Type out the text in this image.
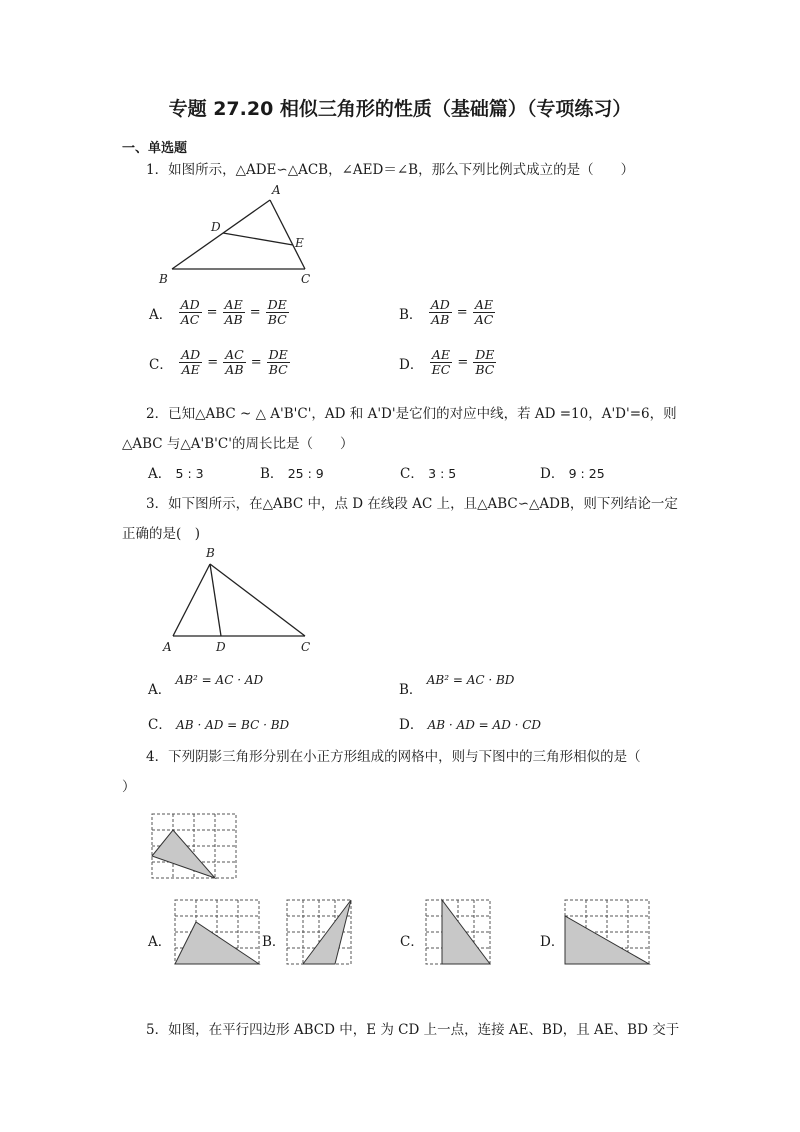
专题 27.20 相似三角形的性质（基础篇）（专项练习）
一、单选题
1．如图所示，△ADE∽△ACB，∠AED＝∠B，那么下列比例式成立的是（　　）
A
B	C
D
E
A． $\frac{AD}{AC} = \frac{AE}{AB} = \frac{DE}{BC}$	B． $\frac{AD}{AB} = \frac{AE}{AC}$
C． $\frac{AD}{AE} = \frac{AC}{AB} = \frac{DE}{BC}$	D． $\frac{AE}{EC} = \frac{DE}{BC}$
2．已知△ABC ~ △ A'B'C'，AD 和 A'D'是它们的对应中线，若 AD =10，A'D'=6，则
△ABC 与△A'B'C'的周长比是（　　）
A． 5 : 3	B． 25 : 9	C． 3 : 5	D． 9 : 25
3．如下图所示，在△ABC 中，点 D 在线段 AC 上，且△ABC∽△ADB，则下列结论一定
正确的是(　)
B
A	D	C
A． AB² = AC · AD
B． AB² = AC · BD
C． AB · AD = BC · BD	D． AB · AD = AD · CD
4．下列阴影三角形分别在小正方形组成的网格中，则与下图中的三角形相似的是（
）
A．	B．	C．	D．
5．如图，在平行四边形 ABCD 中，E 为 CD 上一点，连接 AE、BD，且 AE、BD 交于
